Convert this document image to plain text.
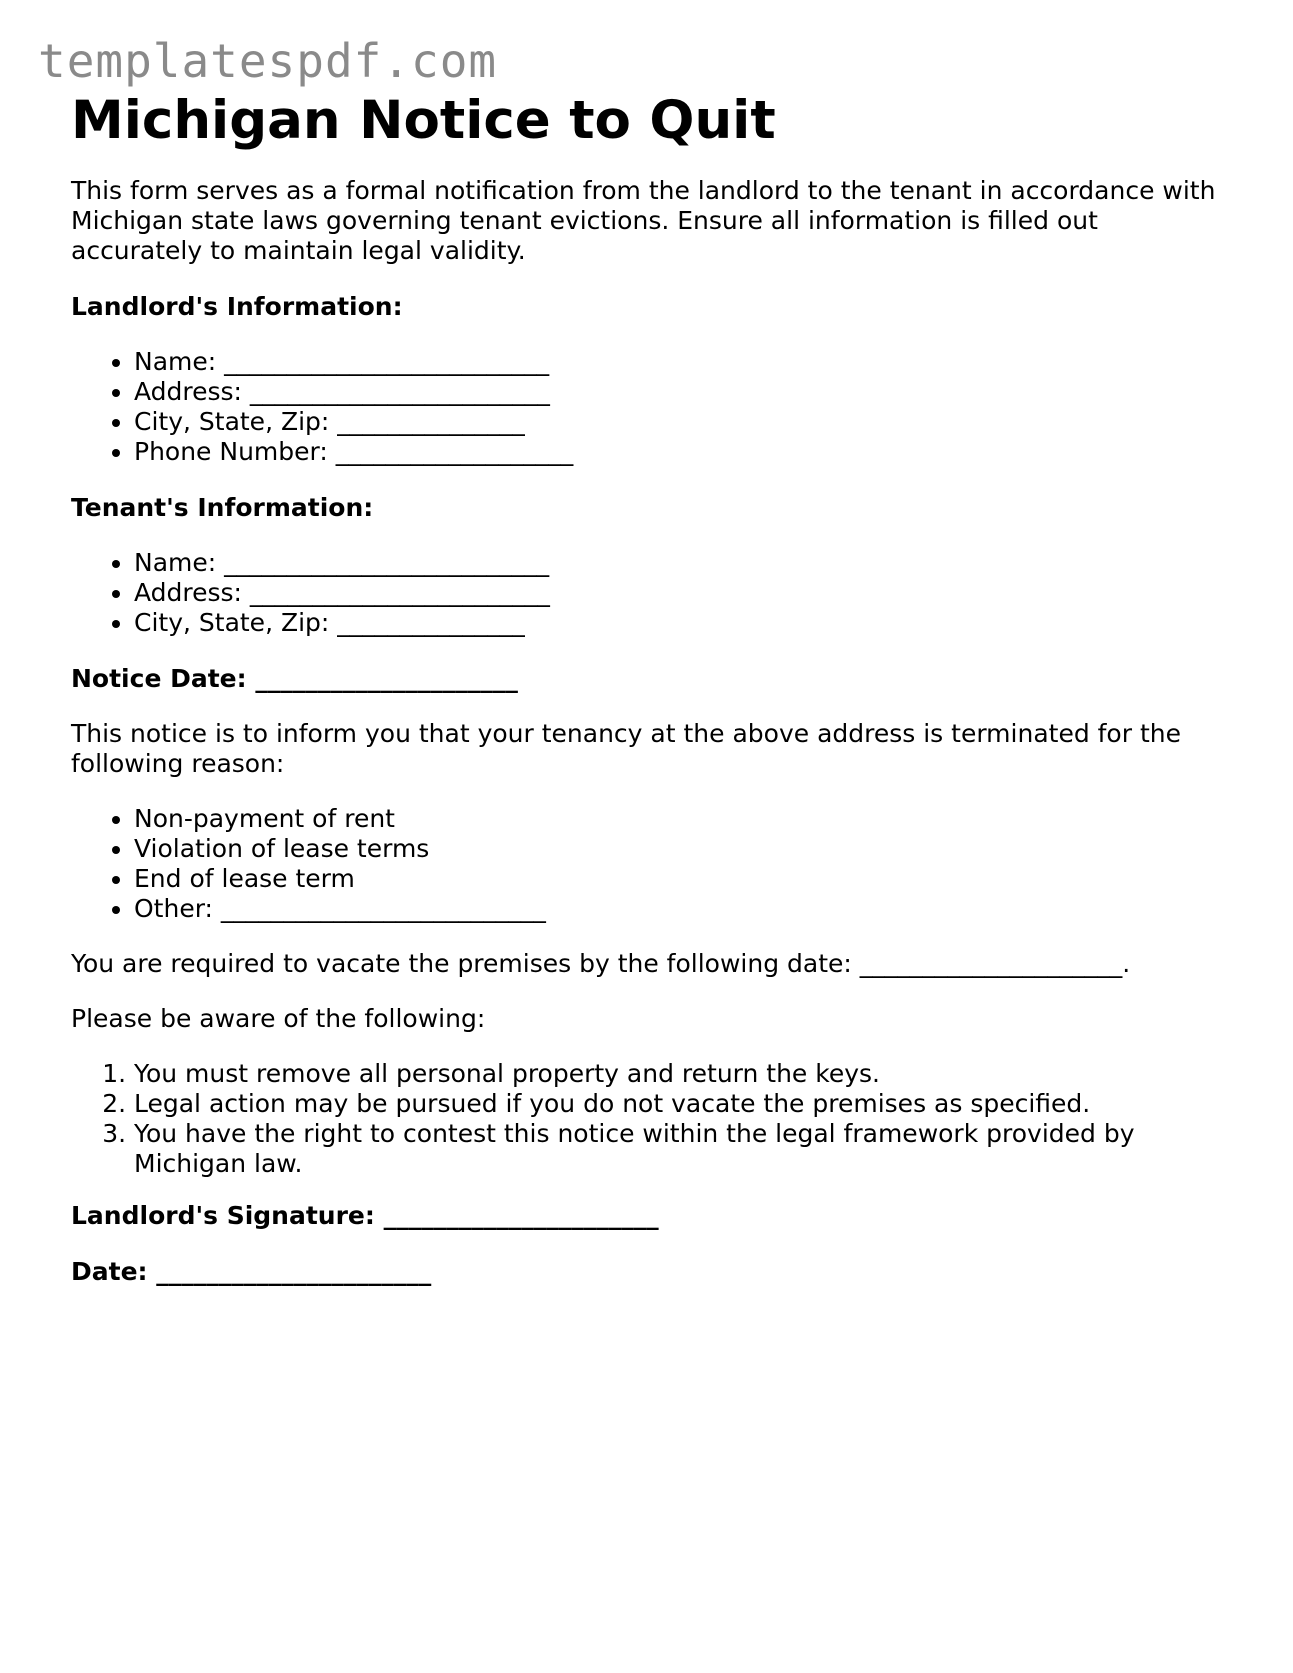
templatespdf.com
Michigan Notice to Quit

This form serves as a formal notification from the landlord to the tenant in accordance with Michigan state laws governing tenant evictions. Ensure all information is filled out accurately to maintain legal validity.

Landlord's Information:

• Name: __________________________
• Address: ________________________
• City, State, Zip: _______________
• Phone Number: ___________________

Tenant's Information:

• Name: __________________________
• Address: ________________________
• City, State, Zip: _______________

Notice Date: _____________________

This notice is to inform you that your tenancy at the above address is terminated for the following reason:

• Non-payment of rent
• Violation of lease terms
• End of lease term
• Other: __________________________

You are required to vacate the premises by the following date: _____________________.

Please be aware of the following:

1. You must remove all personal property and return the keys.
2. Legal action may be pursued if you do not vacate the premises as specified.
3. You have the right to contest this notice within the legal framework provided by Michigan law.

Landlord's Signature: ______________________

Date: ______________________
